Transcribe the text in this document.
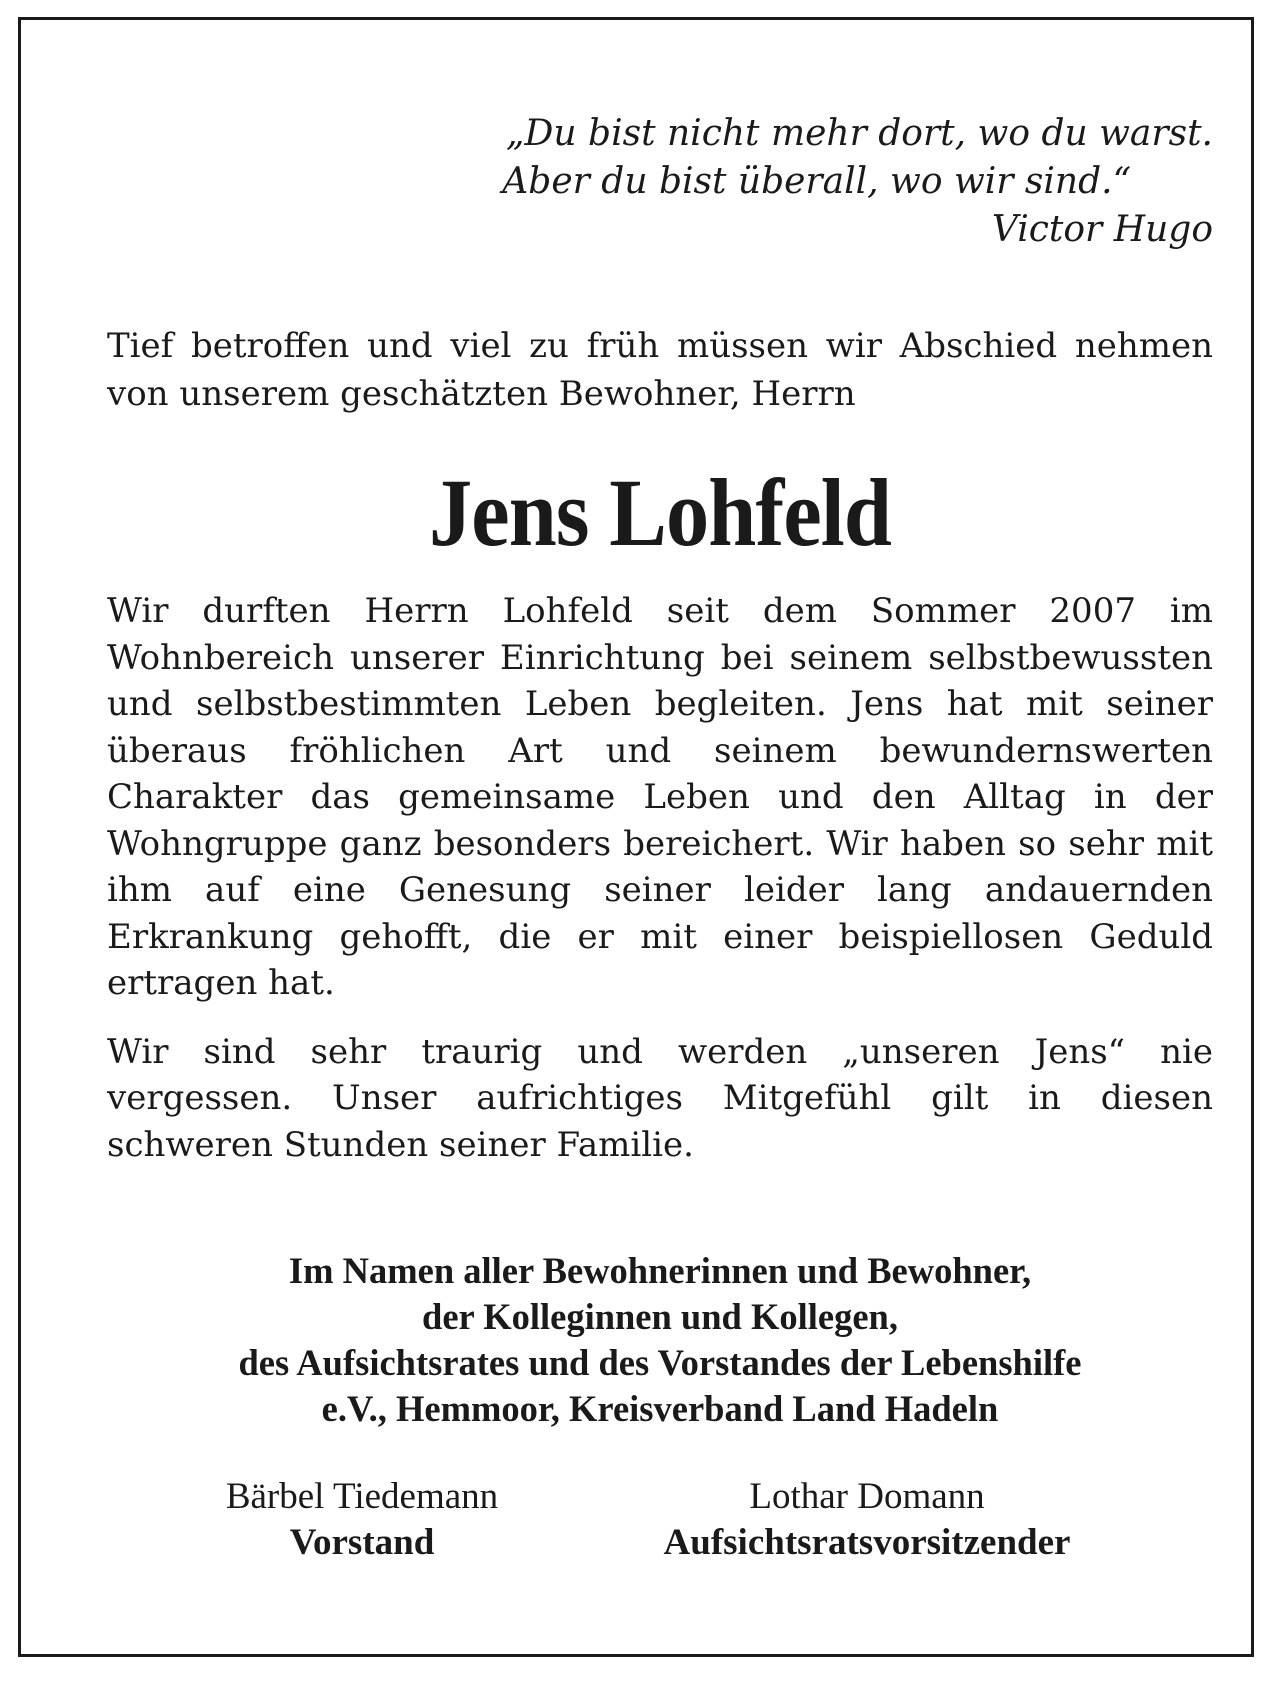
„Du bist nicht mehr dort, wo du warst.
Aber du bist überall, wo wir sind.“
Victor Hugo

Tief betroffen und viel zu früh müssen wir Abschied nehmen von unserem geschätzten Bewohner, Herrn

Jens Lohfeld

Wir durften Herrn Lohfeld seit dem Sommer 2007 im Wohnbereich unserer Einrichtung bei seinem selbstbewussten und selbstbestimmten Leben begleiten. Jens hat mit seiner überaus fröhlichen Art und seinem bewundernswerten Charakter das gemeinsame Leben und den Alltag in der Wohngruppe ganz besonders bereichert. Wir haben so sehr mit ihm auf eine Genesung seiner leider lang andauernden Erkrankung gehofft, die er mit einer beispiellosen Geduld ertragen hat.

Wir sind sehr traurig und werden „unseren Jens“ nie vergessen. Unser aufrichtiges Mitgefühl gilt in diesen schweren Stunden seiner Familie.

Im Namen aller Bewohnerinnen und Bewohner,
der Kolleginnen und Kollegen,
des Aufsichtsrates und des Vorstandes der Lebenshilfe
e.V., Hemmoor, Kreisverband Land Hadeln
Bärbel Tiedemann
Vorstand
Lothar Domann
Aufsichtsratsvorsitzender
